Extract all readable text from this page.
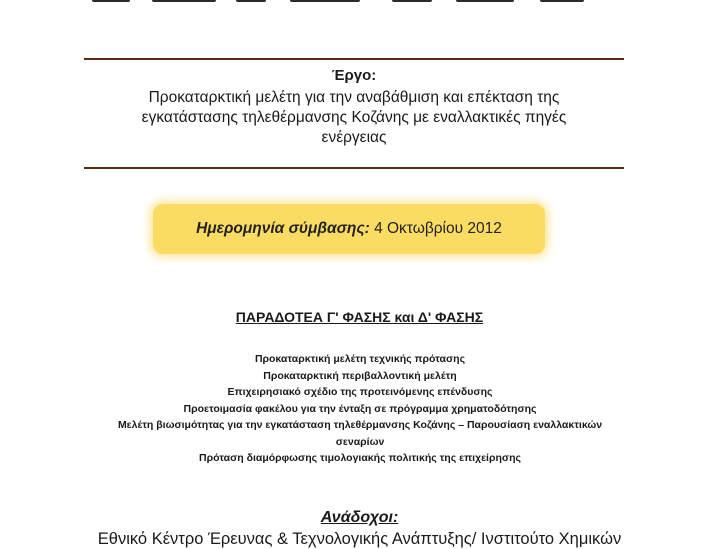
Έργο:
Προκαταρκτική μελέτη για την αναβάθμιση και επέκταση της
εγκατάστασης τηλεθέρμανσης Κοζάνης με εναλλακτικές πηγές
ενέργειας
Ημερομηνία σύμβασης:
4 Οκτωβρίου 2012
ΠΑΡΑΔΟΤΕΑ Γ' ΦΑΣΗΣ και Δ' ΦΑΣΗΣ
Προκαταρκτική μελέτη τεχνικής πρότασης
Προκαταρκτική περιβαλλοντική μελέτη
Επιχειρησιακό σχέδιο της προτεινόμενης επένδυσης
Προετοιμασία φακέλου για την ένταξη σε πρόγραμμα χρηματοδότησης
Μελέτη βιωσιμότητας για την εγκατάσταση τηλεθέρμανσης Κοζάνης – Παρουσίαση εναλλακτικών
σεναρίων
Πρόταση διαμόρφωσης τιμολογιακής πολιτικής της επιχείρησης
Ανάδοχοι:
Εθνικό Κέντρο Έρευνας & Τεχνολογικής Ανάπτυξης/ Ινστιτούτο Χημικών
